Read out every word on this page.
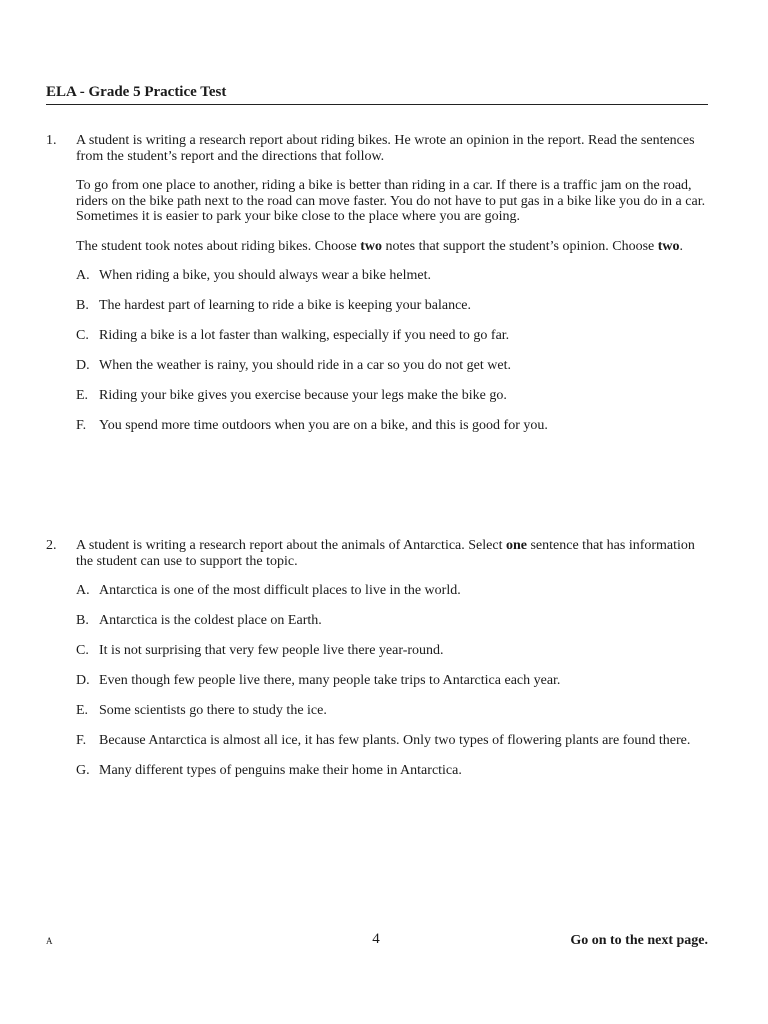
ELA - Grade 5 Practice Test
1. A student is writing a research report about riding bikes. He wrote an opinion in the report. Read the sentences from the student’s report and the directions that follow.

To go from one place to another, riding a bike is better than riding in a car. If there is a traffic jam on the road, riders on the bike path next to the road can move faster. You do not have to put gas in a bike like you do in a car. Sometimes it is easier to park your bike close to the place where you are going.

The student took notes about riding bikes. Choose two notes that support the student’s opinion. Choose two.

A. When riding a bike, you should always wear a bike helmet.
B. The hardest part of learning to ride a bike is keeping your balance.
C. Riding a bike is a lot faster than walking, especially if you need to go far.
D. When the weather is rainy, you should ride in a car so you do not get wet.
E. Riding your bike gives you exercise because your legs make the bike go.
F. You spend more time outdoors when you are on a bike, and this is good for you.
2. A student is writing a research report about the animals of Antarctica. Select one sentence that has information the student can use to support the topic.

A. Antarctica is one of the most difficult places to live in the world.
B. Antarctica is the coldest place on Earth.
C. It is not surprising that very few people live there year-round.
D. Even though few people live there, many people take trips to Antarctica each year.
E. Some scientists go there to study the ice.
F. Because Antarctica is almost all ice, it has few plants. Only two types of flowering plants are found there.
G. Many different types of penguins make their home in Antarctica.
A	4	Go on to the next page.
